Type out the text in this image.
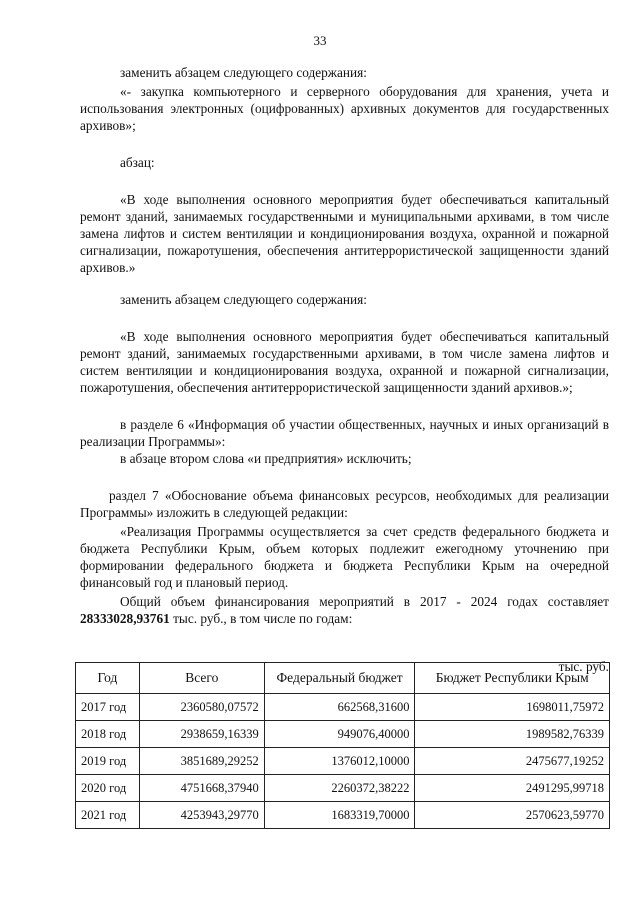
33

заменить абзацем следующего содержания:

«- закупка компьютерного и серверного оборудования для хранения, учета и использования электронных (оцифрованных) архивных документов для государственных архивов»;

абзац:

«В ходе выполнения основного мероприятия будет обеспечиваться капитальный ремонт зданий, занимаемых государственными и муниципальными архивами, в том числе замена лифтов и систем вентиляции и кондиционирования воздуха, охранной и пожарной сигнализации, пожаротушения, обеспечения антитеррористической защищенности зданий архивов.»

заменить абзацем следующего содержания:

«В ходе выполнения основного мероприятия будет обеспечиваться капитальный ремонт зданий, занимаемых государственными архивами, в том числе замена лифтов и систем вентиляции и кондиционирования воздуха, охранной и пожарной сигнализации, пожаротушения, обеспечения антитеррористической защищенности зданий архивов.»;

в разделе 6 «Информация об участии общественных, научных и иных организаций в реализации Программы»:

в абзаце втором слова «и предприятия» исключить;

раздел 7 «Обоснование объема финансовых ресурсов, необходимых для реализации Программы» изложить в следующей редакции:

«Реализация Программы осуществляется за счет средств федерального бюджета и бюджета Республики Крым, объем которых подлежит ежегодному уточнению при формировании федерального бюджета и бюджета Республики Крым на очередной финансовый год и плановый период.

Общий объем финансирования мероприятий в 2017 - 2024 годах составляет 28333028,93761 тыс. руб., в том числе по годам:

тыс. руб.

Год	Всего	Федеральный бюджет	Бюджет Республики Крым
2017 год	2360580,07572	662568,31600	1698011,75972
2018 год	2938659,16339	949076,40000	1989582,76339
2019 год	3851689,29252	1376012,10000	2475677,19252
2020 год	4751668,37940	2260372,38222	2491295,99718
2021 год	4253943,29770	1683319,70000	2570623,59770
